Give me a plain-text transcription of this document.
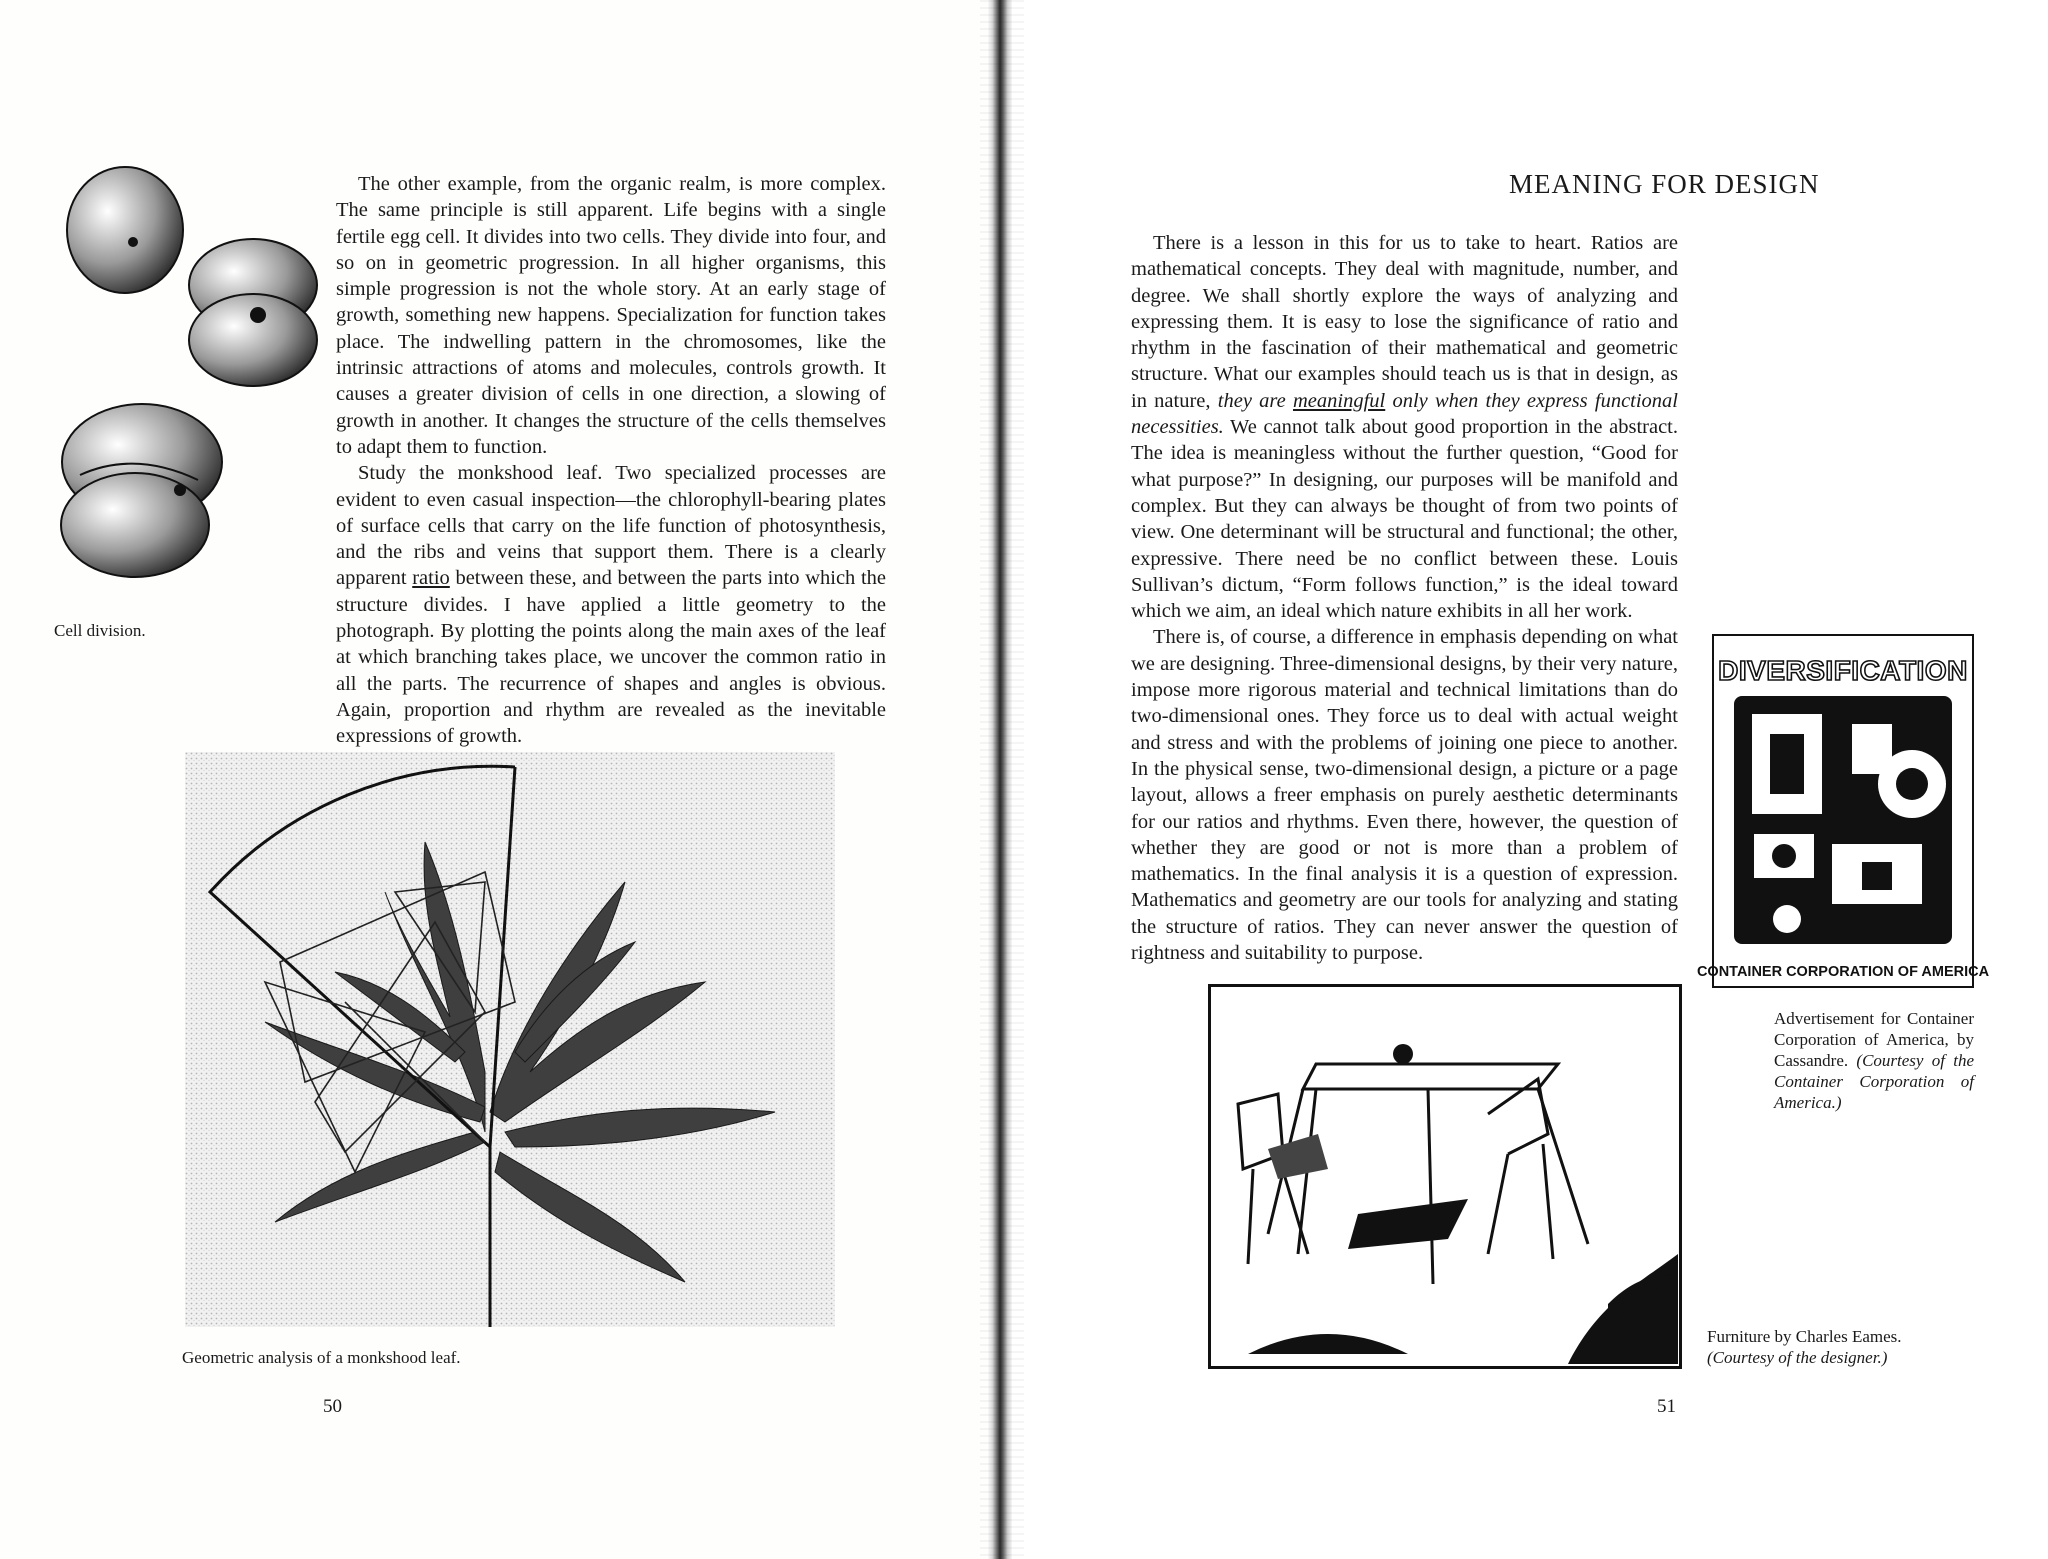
The other example, from the organic realm, is more complex. The same principle is still apparent. Life begins with a single fertile egg cell. It divides into two cells. They divide into four, and so on in geometric progression. In all higher organisms, this simple progression is not the whole story. At an early stage of growth, something new happens. Specialization for function takes place. The indwelling pattern in the chromosomes, like the intrinsic attractions of atoms and molecules, controls growth. It causes a greater division of cells in one direction, a slowing of growth in another. It changes the structure of the cells themselves to adapt them to function.

Study the monkshood leaf. Two specialized processes are evident to even casual inspection—the chlorophyll-bearing plates of surface cells that carry on the life function of photosynthesis, and the ribs and veins that support them. There is a clearly apparent ratio between these, and between the parts into which the structure divides. I have applied a little geometry to the photograph. By plotting the points along the main axes of the leaf at which branching takes place, we uncover the common ratio in all the parts. The recurrence of shapes and angles is obvious. Again, proportion and rhythm are revealed as the inevitable expressions of growth.

Cell division.
Geometric analysis of a monkshood leaf.
50
MEANING FOR DESIGN

There is a lesson in this for us to take to heart. Ratios are mathematical concepts. They deal with magnitude, number, and degree. We shall shortly explore the ways of analyzing and expressing them. It is easy to lose the significance of ratio and rhythm in the fascination of their mathematical and geometric structure. What our examples should teach us is that in design, as in nature, they are meaningful only when they express functional necessities. We cannot talk about good proportion in the abstract. The idea is meaningless without the further question, “Good for what purpose?” In designing, our purposes will be manifold and complex. But they can always be thought of from two points of view. One determinant will be structural and functional; the other, expressive. There need be no conflict between these. Louis Sullivan’s dictum, “Form follows function,” is the ideal toward which we aim, an ideal which nature exhibits in all her work.

There is, of course, a difference in emphasis depending on what we are designing. Three-dimensional designs, by their very nature, impose more rigorous material and technical limitations than do two-dimensional ones. They force us to deal with actual weight and stress and with the problems of joining one piece to another. In the physical sense, two-dimensional design, a picture or a page layout, allows a freer emphasis on purely aesthetic determinants for our ratios and rhythms. Even there, however, the question of whether they are good or not is more than a problem of mathematics. In the final analysis it is a question of expression. Mathematics and geometry are our tools for analyzing and stating the structure of ratios. They can never answer the question of rightness and suitability to purpose.

DIVERSIFICATION
CONTAINER CORPORATION OF AMERICA
Advertisement for Container Corporation of America, by Cassandre. (Courtesy of the Container Corporation of America.)
Furniture by Charles Eames.
(Courtesy of the designer.)
51
